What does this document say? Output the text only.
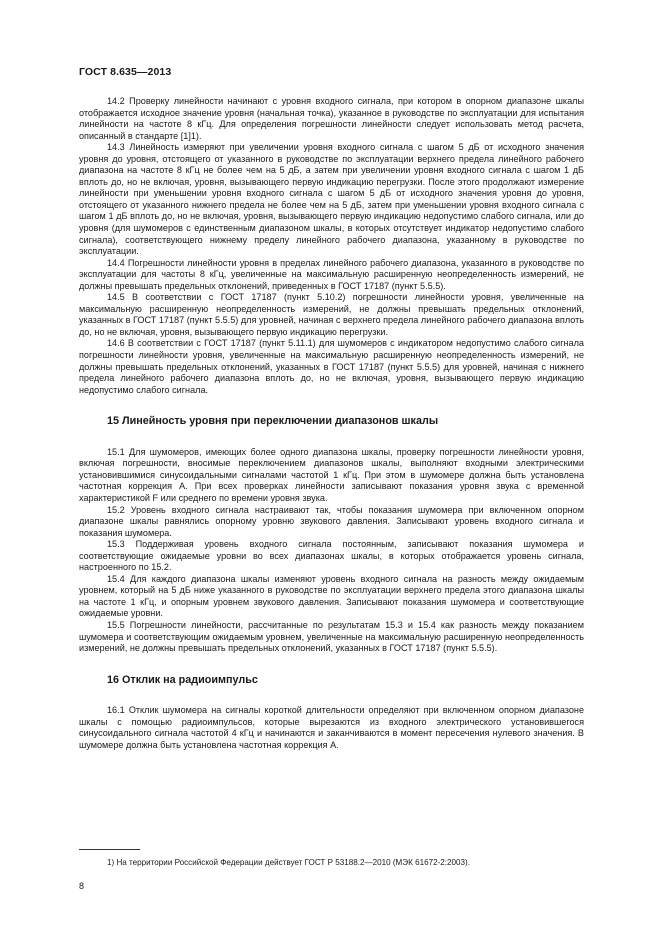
ГОСТ 8.635—2013

14.2 Проверку линейности начинают с уровня входного сигнала, при котором в опорном диапазоне шкалы отображается исходное значение уровня (начальная точка), указанное в руководстве по эксплуатации для испытания линейности на частоте 8 кГц. Для определения погрешности линейности следует использовать метод расчета, описанный в стандарте [1]1).

14.3 Линейность измеряют при увеличении уровня входного сигнала с шагом 5 дБ от исходного значения уровня до уровня, отстоящего от указанного в руководстве по эксплуатации верхнего предела линейного рабочего диапазона на частоте 8 кГц не более чем на 5 дБ, а затем при увеличении уровня входного сигнала с шагом 1 дБ вплоть до, но не включая, уровня, вызывающего первую индикацию перегрузки. После этого продолжают измерение линейности при уменьшении уровня входного сигнала с шагом 5 дБ от исходного значения уровня до уровня, отстоящего от указанного нижнего предела не более чем на 5 дБ, затем при уменьшении уровня входного сигнала с шагом 1 дБ вплоть до, но не включая, уровня, вызывающего первую индикацию недопустимо слабого сигнала, или до уровня (для шумомеров с единственным диапазоном шкалы, в которых отсутствует индикатор недопустимо слабого сигнала), соответствующего нижнему пределу линейного рабочего диапазона, указанному в руководстве по эксплуатации.

14.4 Погрешности линейности уровня в пределах линейного рабочего диапазона, указанного в руководстве по эксплуатации для частоты 8 кГц, увеличенные на максимальную расширенную неопределенность измерений, не должны превышать предельных отклонений, приведенных в ГОСТ 17187 (пункт 5.5.5).

14.5 В соответствии с ГОСТ 17187 (пункт 5.10.2) погрешности линейности уровня, увеличенные на максимальную расширенную неопределенность измерений, не должны превышать предельных отклонений, указанных в ГОСТ 17187 (пункт 5.5.5) для уровней, начиная с верхнего предела линейного рабочего диапазона вплоть до, но не включая, уровня, вызывающего первую индикацию перегрузки.

14.6 В соответствии с ГОСТ 17187 (пункт 5.11.1) для шумомеров с индикатором недопустимо слабого сигнала погрешности линейности уровня, увеличенные на максимальную расширенную неопределенность измерений, не должны превышать предельных отклонений, указанных в ГОСТ 17187 (пункт 5.5.5) для уровней, начиная с нижнего предела линейного рабочего диапазона вплоть до, но не включая, уровня, вызывающего первую индикацию недопустимо слабого сигнала.

15 Линейность уровня при переключении диапазонов шкалы

15.1 Для шумомеров, имеющих более одного диапазона шкалы, проверку погрешности линейности уровня, включая погрешности, вносимые переключением диапазонов шкалы, выполняют входными электрическими установившимися синусоидальными сигналами частотой 1 кГц. При этом в шумомере должна быть установлена частотная коррекция А. При всех проверках линейности записывают показания уровня звука с временной характеристикой F или среднего по времени уровня звука.

15.2 Уровень входного сигнала настраивают так, чтобы показания шумомера при включенном опорном диапазоне шкалы равнялись опорному уровню звукового давления. Записывают уровень входного сигнала и показания шумомера.

15.3 Поддерживая уровень входного сигнала постоянным, записывают показания шумомера и соответствующие ожидаемые уровни во всех диапазонах шкалы, в которых отображается уровень сигнала, настроенного по 15.2.

15.4 Для каждого диапазона шкалы изменяют уровень входного сигнала на разность между ожидаемым уровнем, который на 5 дБ ниже указанного в руководстве по эксплуатации верхнего предела этого диапазона шкалы на частоте 1 кГц, и опорным уровнем звукового давления. Записывают показания шумомера и соответствующие ожидаемые уровни.

15.5 Погрешности линейности, рассчитанные по результатам 15.3 и 15.4 как разность между показанием шумомера и соответствующим ожидаемым уровнем, увеличенные на максимальную расширенную неопределенность измерений, не должны превышать предельных отклонений, указанных в ГОСТ 17187 (пункт 5.5.5).

16 Отклик на радиоимпульс

16.1 Отклик шумомера на сигналы короткой длительности определяют при включенном опорном диапазоне шкалы с помощью радиоимпульсов, которые вырезаются из входного электрического установившегося синусоидального сигнала частотой 4 кГц и начинаются и заканчиваются в момент пересечения нулевого значения. В шумомере должна быть установлена частотная коррекция А.

1) На территории Российской Федерации действует ГОСТ Р 53188.2—2010 (МЭК 61672-2:2003).
8
